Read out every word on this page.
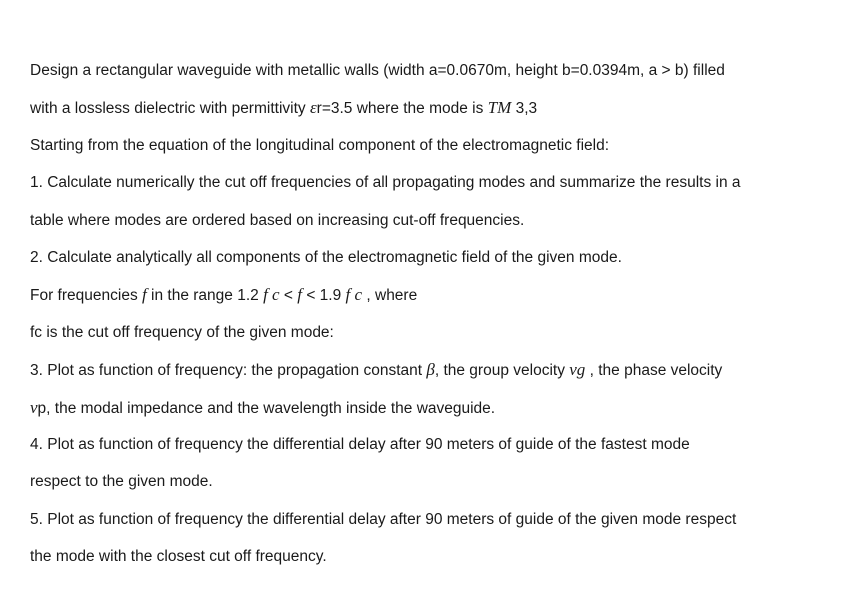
Design a rectangular waveguide with metallic walls (width a=0.0670m, height b=0.0394m, a > b) filled
with a lossless dielectric with permittivity εr=3.5 where the mode is TM 3,3
Starting from the equation of the longitudinal component of the electromagnetic field:
1. Calculate numerically the cut off frequencies of all propagating modes and summarize the results in a
table where modes are ordered based on increasing cut-off frequencies.
2. Calculate analytically all components of the electromagnetic field of the given mode.
For frequencies f in the range 1.2 f c < f < 1.9 f c , where
fc is the cut off frequency of the given mode:
3. Plot as function of frequency: the propagation constant β, the group velocity vg , the phase velocity
vp, the modal impedance and the wavelength inside the waveguide.
4. Plot as function of frequency the differential delay after 90 meters of guide of the fastest mode
respect to the given mode.
5. Plot as function of frequency the differential delay after 90 meters of guide of the given mode respect
the mode with the closest cut off frequency.
